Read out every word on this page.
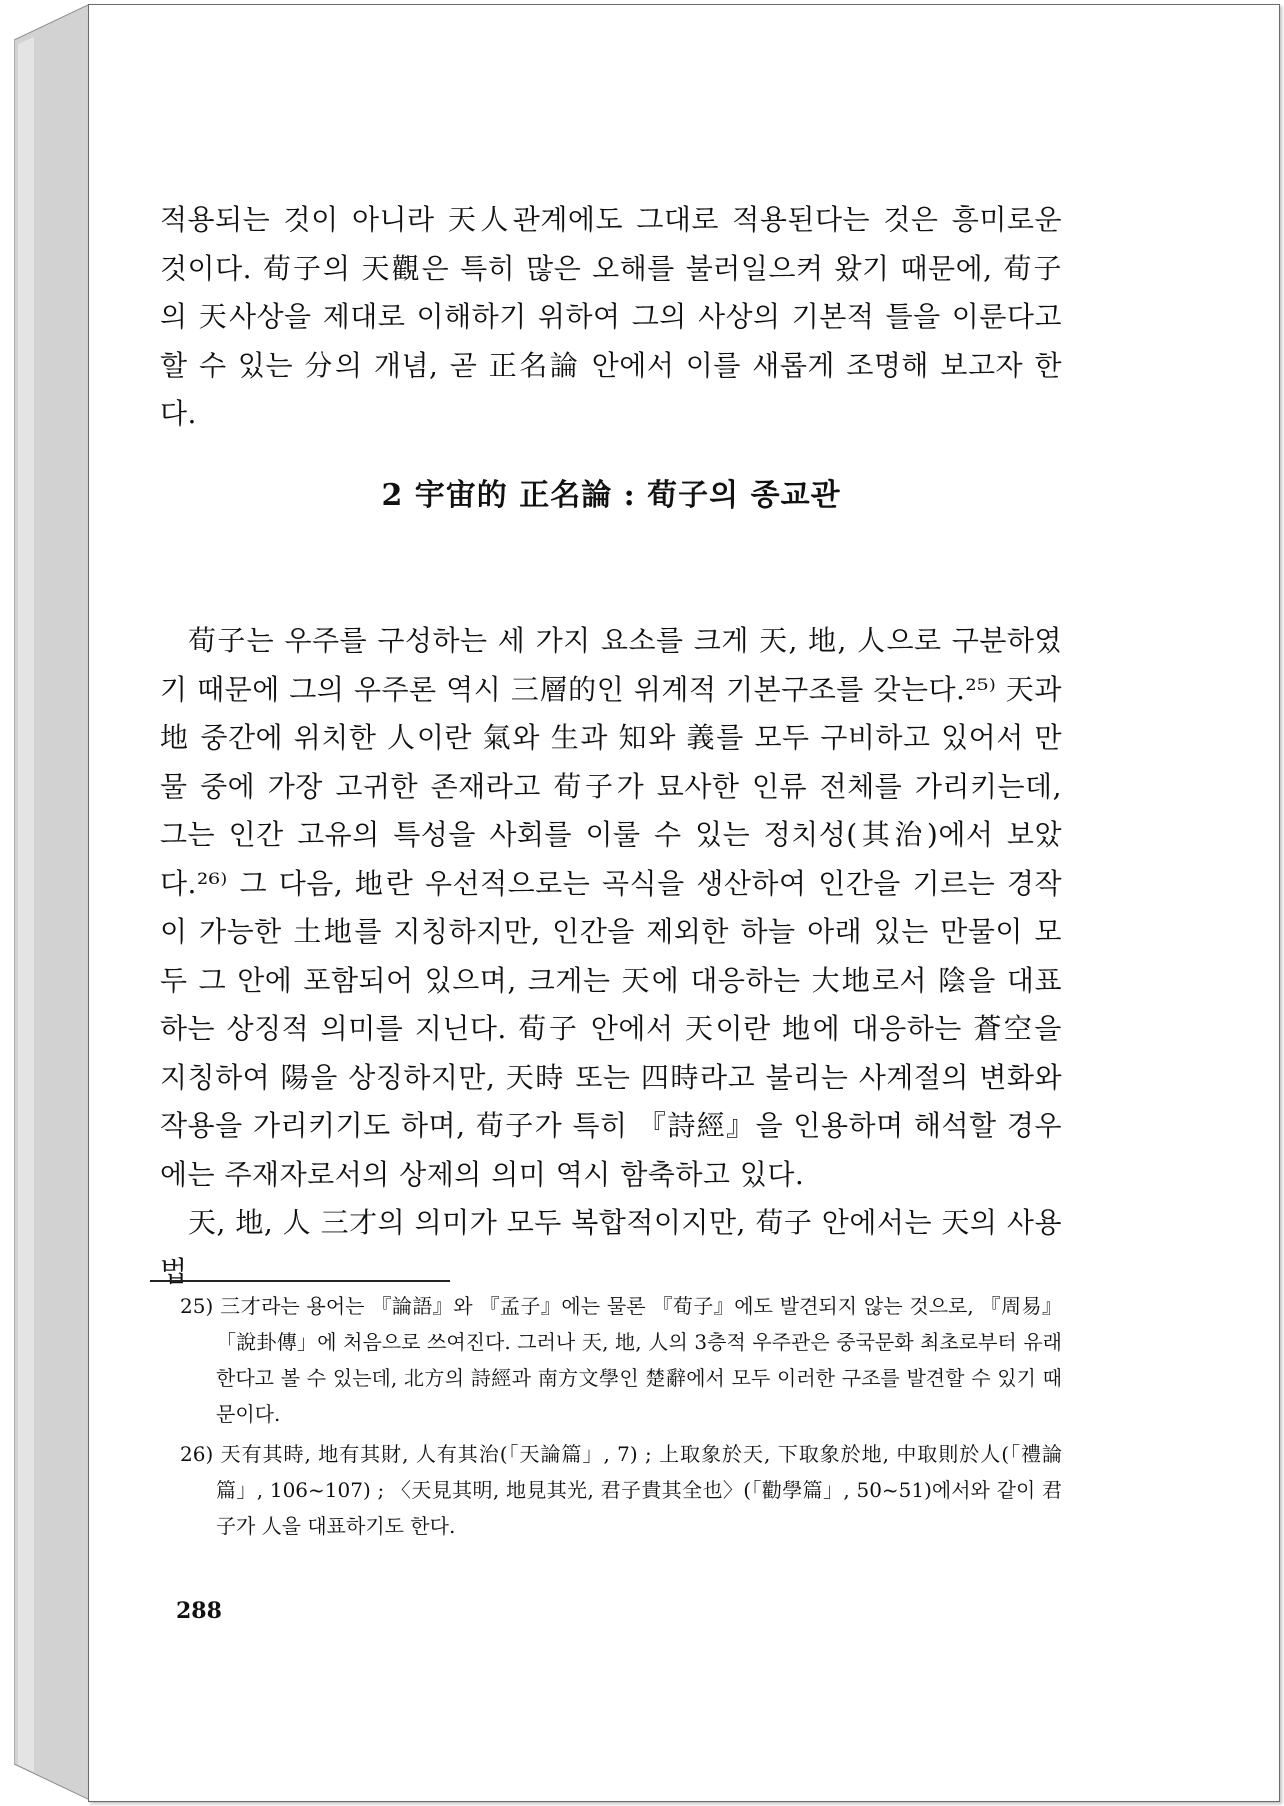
적용되는 것이 아니라 天人관계에도 그대로 적용된다는 것은 흥미로운 것이다. 荀子의 天觀은 특히 많은 오해를 불러일으켜 왔기 때문에, 荀子의 天사상을 제대로 이해하기 위하여 그의 사상의 기본적 틀을 이룬다고 할 수 있는 分의 개념, 곧 正名論 안에서 이를 새롭게 조명해 보고자 한다.

2 宇宙的 正名論 : 荀子의 종교관

荀子는 우주를 구성하는 세 가지 요소를 크게 天, 地, 人으로 구분하였기 때문에 그의 우주론 역시 三層的인 위계적 기본구조를 갖는다.²⁵⁾ 天과 地 중간에 위치한 人이란 氣와 生과 知와 義를 모두 구비하고 있어서 만물 중에 가장 고귀한 존재라고 荀子가 묘사한 인류 전체를 가리키는데, 그는 인간 고유의 특성을 사회를 이룰 수 있는 정치성(其治)에서 보았다.²⁶⁾ 그 다음, 地란 우선적으로는 곡식을 생산하여 인간을 기르는 경작이 가능한 土地를 지칭하지만, 인간을 제외한 하늘 아래 있는 만물이 모두 그 안에 포함되어 있으며, 크게는 天에 대응하는 大地로서 陰을 대표하는 상징적 의미를 지닌다. 荀子 안에서 天이란 地에 대응하는 蒼空을 지칭하여 陽을 상징하지만, 天時 또는 四時라고 불리는 사계절의 변화와 작용을 가리키기도 하며, 荀子가 특히 『詩經』을 인용하며 해석할 경우에는 주재자로서의 상제의 의미 역시 함축하고 있다.

天, 地, 人 三才의 의미가 모두 복합적이지만, 荀子 안에서는 天의 사용법

25) 三才라는 용어는 『論語』와 『孟子』에는 물론 『荀子』에도 발견되지 않는 것으로, 『周易』「說卦傳」에 처음으로 쓰여진다. 그러나 天, 地, 人의 3층적 우주관은 중국문화 최초로부터 유래한다고 볼 수 있는데, 北方의 詩經과 南方文學인 楚辭에서 모두 이러한 구조를 발견할 수 있기 때문이다.

26) 天有其時, 地有其財, 人有其治(「天論篇」, 7) ; 上取象於天, 下取象於地, 中取則於人(「禮論篇」, 106~107) ; 〈天見其明, 地見其光, 君子貴其全也〉(「勸學篇」, 50~51)에서와 같이 君子가 人을 대표하기도 한다.

288
